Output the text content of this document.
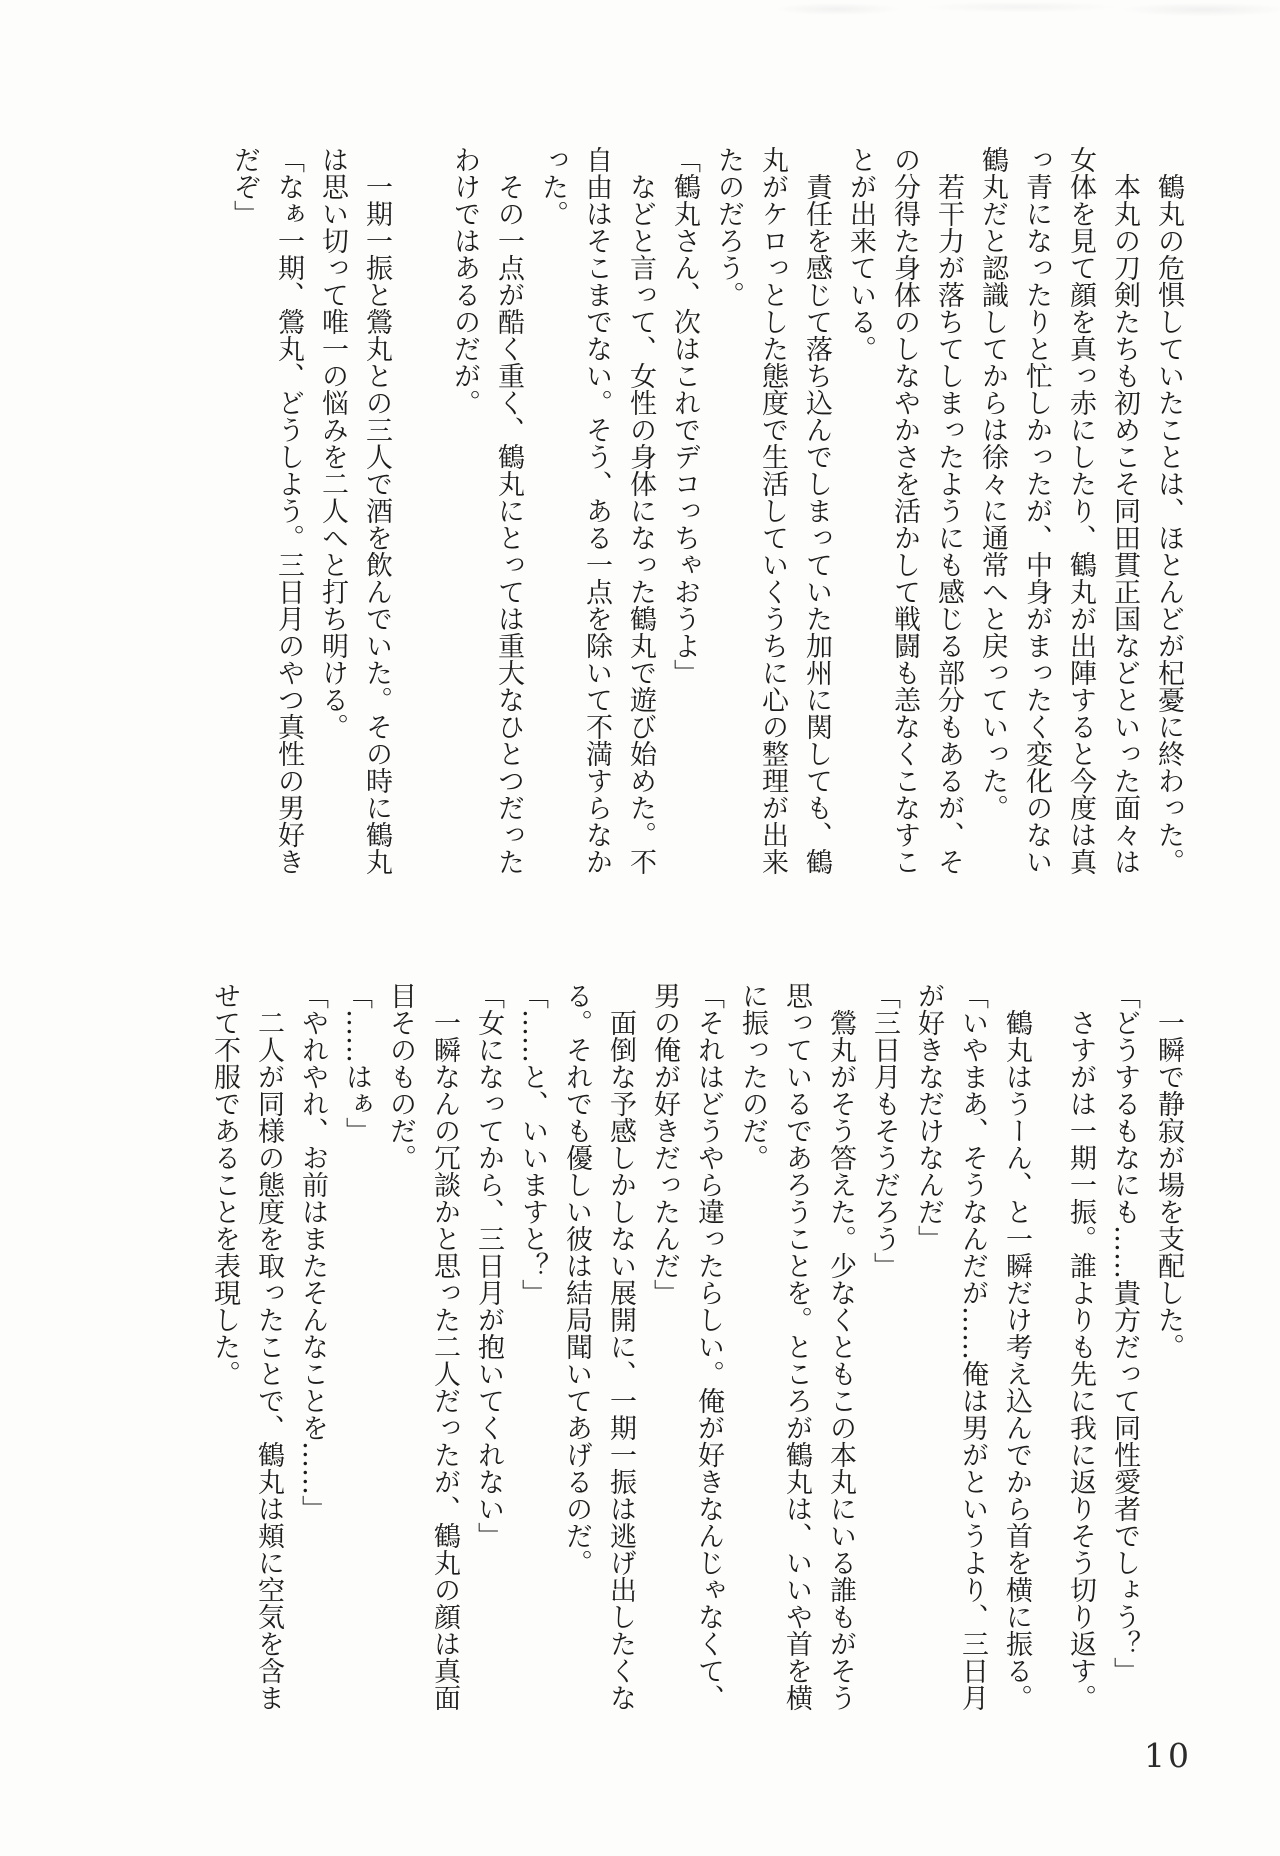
鶴丸の危惧していたことは、ほとんどが杞憂に終わった。

本丸の刀剣たちも初めこそ同田貫正国などといった面々は女体を見て顔を真っ赤にしたり、鶴丸が出陣すると今度は真っ青になったりと忙しかったが、中身がまったく変化のない鶴丸だと認識してからは徐々に通常へと戻っていった。

若干力が落ちてしまったようにも感じる部分もあるが、その分得た身体のしなやかさを活かして戦闘も恙なくこなすことが出来ている。

責任を感じて落ち込んでしまっていた加州に関しても、鶴丸がケロっとした態度で生活していくうちに心の整理が出来たのだろう。

「鶴丸さん、次はこれでデコっちゃおうよ」

などと言って、女性の身体になった鶴丸で遊び始めた。不自由はそこまでない。そう、ある一点を除いて不満すらなかった。

その一点が酷く重く、鶴丸にとっては重大なひとつだったわけではあるのだが。

一期一振と鶯丸との三人で酒を飲んでいた。その時に鶴丸は思い切って唯一の悩みを二人へと打ち明ける。

「なぁ一期、鶯丸、どうしよう。三日月のやつ真性の男好きだぞ」

一瞬で静寂が場を支配した。

「どうするもなにも……貴方だって同性愛者でしょう？」

さすがは一期一振。誰よりも先に我に返りそう切り返す。

鶴丸はうーん、と一瞬だけ考え込んでから首を横に振る。

「いやまあ、そうなんだが……俺は男がというより、三日月が好きなだけなんだ」

「三日月もそうだろう」

鶯丸がそう答えた。少なくともこの本丸にいる誰もがそう思っているであろうことを。ところが鶴丸は、いいや首を横に振ったのだ。

「それはどうやら違ったらしい。俺が好きなんじゃなくて、男の俺が好きだったんだ」

面倒な予感しかしない展開に、一期一振は逃げ出したくなる。それでも優しい彼は結局聞いてあげるのだ。

「……と、いいますと？」

「女になってから、三日月が抱いてくれない」

一瞬なんの冗談かと思った二人だったが、鶴丸の顔は真面目そのものだ。

「……はぁ」

「やれやれ、お前はまたそんなことを……」

二人が同様の態度を取ったことで、鶴丸は頬に空気を含ませて不服であることを表現した。

10
